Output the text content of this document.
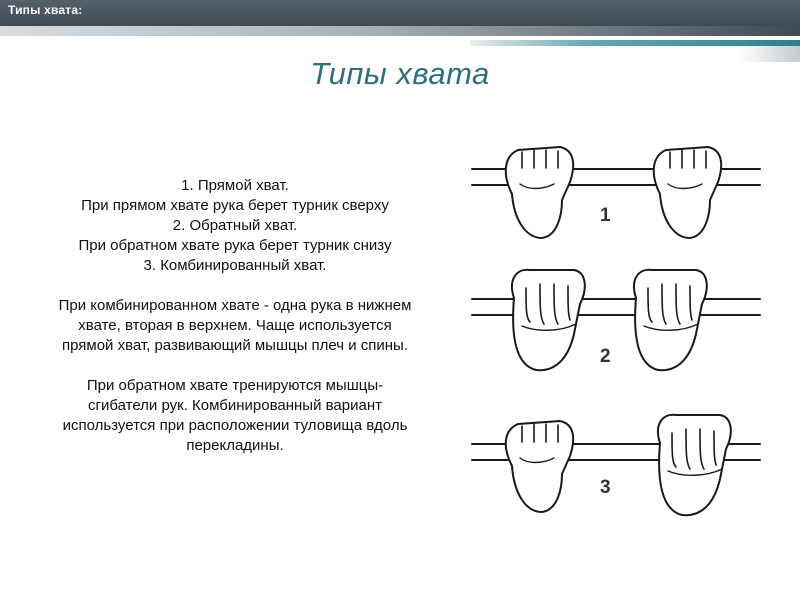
Типы хвата:
Типы хвата
1. Прямой хват.
При прямом хвате рука берет турник сверху
2. Обратный хват.
При обратном хвате рука берет турник снизу
3. Комбинированный хват.
При комбинированном хвате - одна рука в нижнем
хвате, вторая в верхнем. Чаще используется
прямой хват, развивающий мышцы плеч и спины.
При обратном хвате тренируются мышцы-
сгибатели рук. Комбинированный вариант
используется при расположении туловища вдоль
перекладины.
1
2
3
